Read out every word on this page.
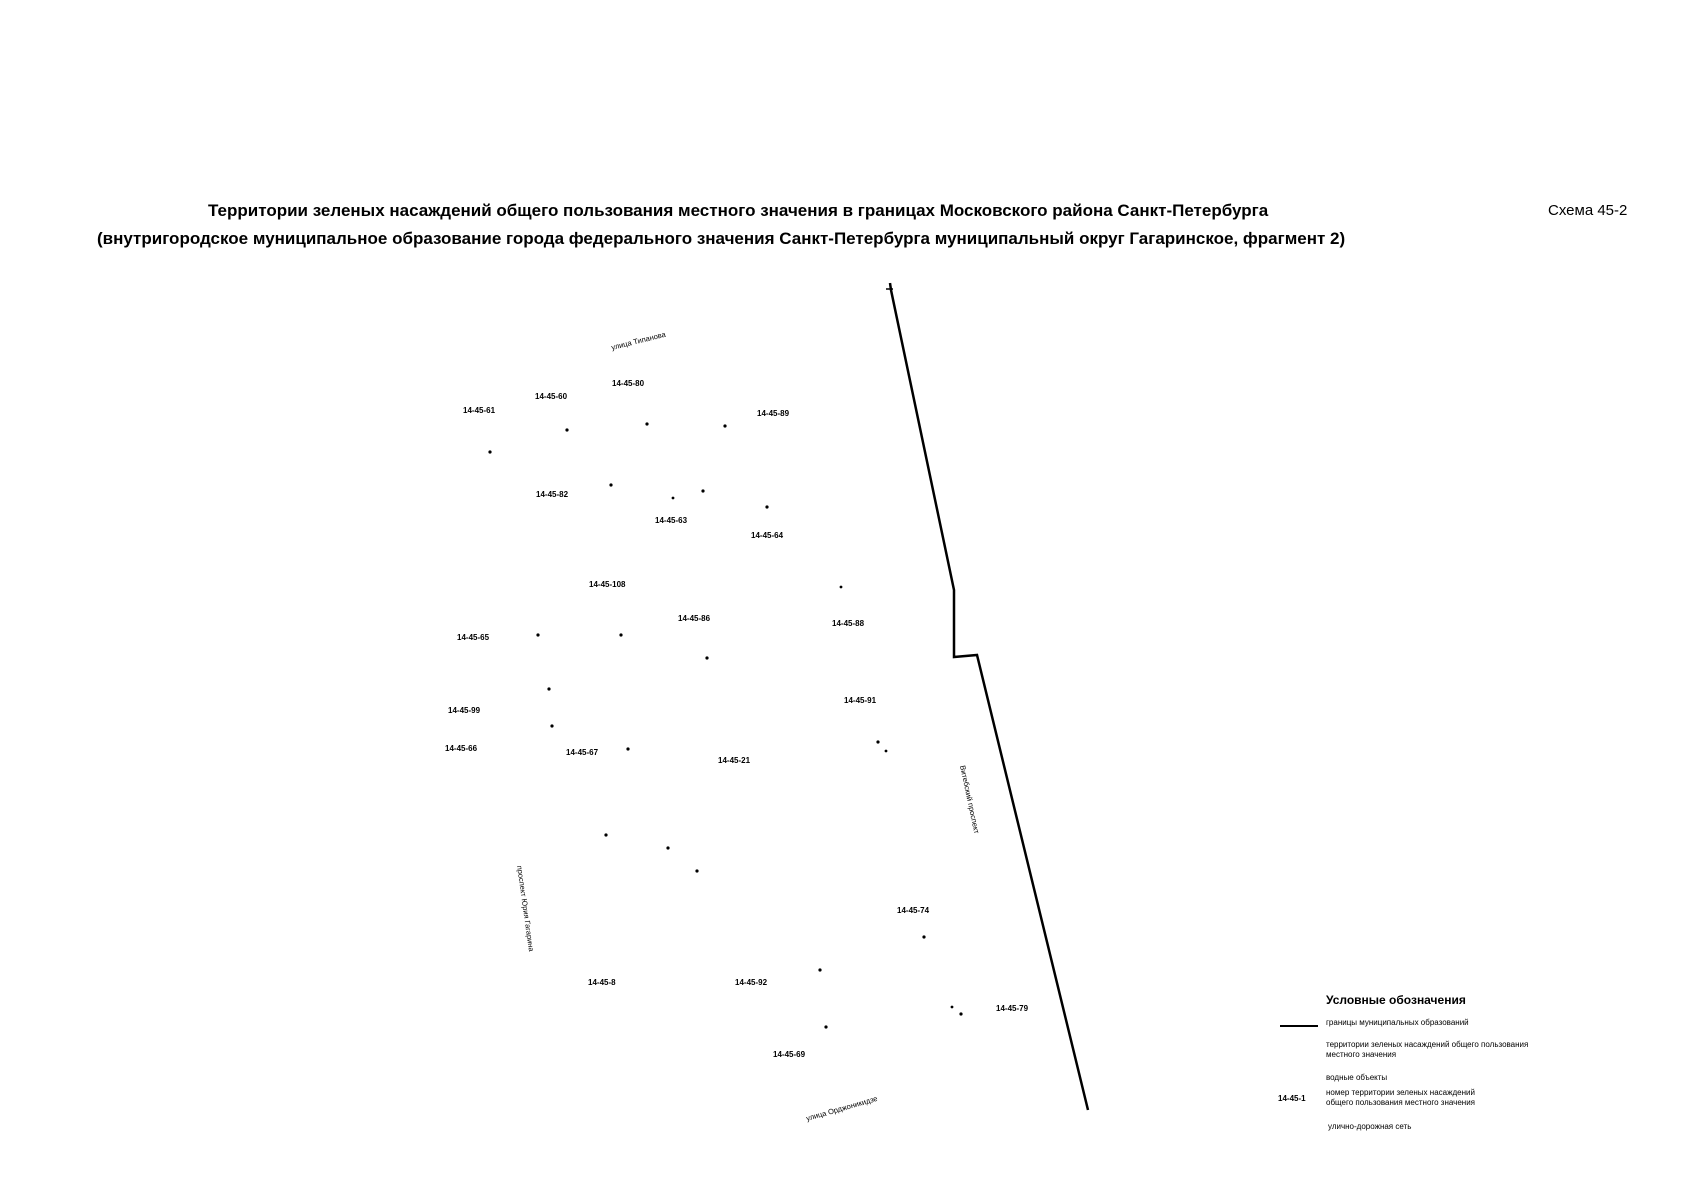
Территории зеленых насаждений общего пользования местного значения в границах Московского района Санкт-Петербурга
(внутригородское муниципальное образование города федерального значения Санкт-Петербурга муниципальный округ Гагаринское, фрагмент 2)
Схема 45-2
14-45-80
14-45-60
14-45-61	14-45-89
14-45-82
14-45-63
14-45-64
14-45-108
14-45-86
14-45-65
14-45-88
14-45-91
14-45-99
14-45-66	14-45-67
14-45-21
14-45-74
14-45-8	14-45-92
14-45-79
14-45-69
улица Типанова
Витебский проспект
проспект Юрия Гагарина
улица Орджоникидзе
Условные обозначения
границы муниципальных образований
территории зеленых насаждений общего пользования
местного значения
водные объекты
14-45-1
номер территории зеленых насаждений
общего пользования местного значения
улично-дорожная сеть
